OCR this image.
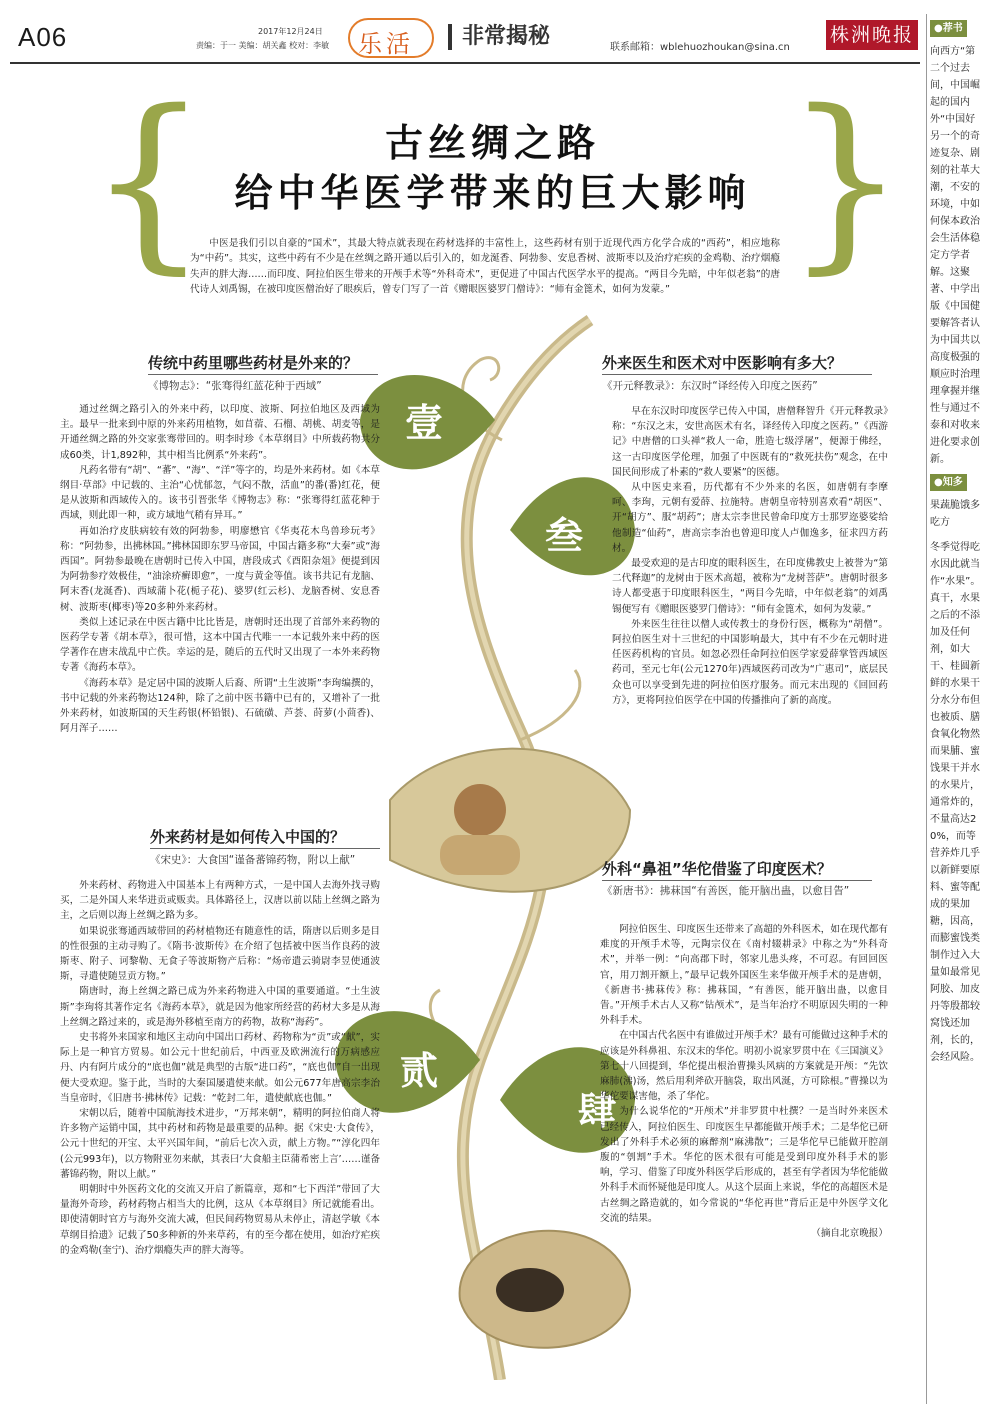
A06	2017年12月24日
责编：于一 美编：胡关鑫 校对：李敏 乐活	非常揭秘	联系邮箱：wblehuozhoukan@sina.cn
株洲晚报
{	}
古丝绸之路
给中华医学带来的巨大影响
中医是我们引以自豪的“国术”，其最大特点就表现在药材选择的丰富性上，这些药材有别于近现代西方化学合成的“西药”，相应地称为“中药”。其实，这些中药有不少是在丝绸之路开通以后引入的，如龙涎香、阿勃参、安息香树、波斯枣以及治疗疟疾的金鸡勒、治疗烟瘾失声的胖大海……而印度、阿拉伯医生带来的开颅手术等“外科奇术”，更促进了中国古代医学水平的提高。“两目今先暗，中年似老翁”的唐代诗人刘禹锡，在被印度医僧治好了眼疾后，曾专门写了一首《赠眼医婆罗门僧诗》：“师有金篦术，如何为发蒙。”
壹
叁
贰
肆
传统中药里哪些药材是外来的？
《博物志》：“张骞得红蓝花种于西域”

通过丝绸之路引入的外来中药，以印度、波斯、阿拉伯地区及西域为主。最早一批来到中原的外来药用植物，如苜蓿、石榴、胡桃、胡麦等，是开通丝绸之路的外交家张骞带回的。明李时珍《本草纲目》中所载药物共分成60类，计1,892种，其中相当比例系“外来药”。

凡药名带有“胡”、“蕃”、“海”、“洋”等字的，均是外来药材。如《本草纲目·草部》中记载的、主治“心忧郁忽，气闷不散，活血”的番(番)红花，便是从波斯和西域传入的。该书引晋张华《博物志》称：“张骞得红蓝花种于西域，则此即一种，或方域地气稍有异耳。”

再如治疗皮肤病较有效的阿勃参，明廖懋官《华夷花木鸟兽珍玩考》称：“阿勃参，出拂林国。”拂林国即东罗马帝国，中国古籍多称“大秦”或“海西国”。阿勃参最晚在唐朝时已传入中国，唐段成式《酉阳杂俎》便提到因为阿勃参疗效极佳，“油涂疥癣即愈”，一度与黄金等值。该书共记有龙脑、阿末香(龙涎香)、西域蒲卜花(栀子花)、婆罗(红云杉)、龙脑香树、安息香树、波斯枣(椰枣)等20多种外来药材。

类似上述记录在中医古籍中比比皆是，唐朝时还出现了首部外来药物的医药学专著《胡本草》，很可惜，这本中国古代唯一一本记载外来中药的医学著作在唐末战乱中亡佚。幸运的是，随后的五代时又出现了一本外来药物专著《海药本草》。

《海药本草》是定居中国的波斯人后裔、所谓“土生波斯”李珣编撰的，书中记载的外来药物达124种，除了之前中医书籍中已有的，又增补了一批外来药材，如波斯国的天生药银(杯铅银)、石硫磺、芦荟、莳萝(小茴香)、阿月浑子……

外来药材是如何传入中国的？
《宋史》：大食国“谨备蕃锦药物，附以上献”

外来药材、药物进入中国基本上有两种方式，一是中国人去海外找寻购买，二是外国人来华进贡或贩卖。具体路径上，汉唐以前以陆上丝绸之路为主，之后则以海上丝绸之路为多。

如果说张骞通西域带回的药材植物还有随意性的话，隋唐以后则多是目的性很强的主动寻购了。《隋书·波斯传》在介绍了包括被中医当作良药的波斯枣、附子、诃黎勒、无食子等波斯物产后称：“炀帝遣云骑尉李昱使通波斯，寻遣使随昱贡方物。”

隋唐时，海上丝绸之路已成为外来药物进入中国的重要通道。“土生波斯”李珣将其著作定名《海药本草》，就是因为他家所经营的药材大多是从海上丝绸之路过来的，或是海外移植至南方的药物，故称“海药”。

史书将外来国家和地区主动向中国出口药材、药物称为“贡”或“献”，实际上是一种官方贸易。如公元十世纪前后，中西亚及欧洲流行的万病感应丹、内有阿片成分的“底也伽”就是典型的古版“进口药”，“底也伽”自一出现便大受欢迎。鉴于此，当时的大秦国屡遣使来献。如公元677年唐高宗李治当皇帝时，《旧唐书·拂林传》记载：“乾封二年，遣使献底也伽。”

宋朝以后，随着中国航海技术进步，“万邦来朝”，精明的阿拉伯商人将许多物产运销中国，其中药材和药物是最重要的品种。据《宋史·大食传》，公元十世纪的开宝、太平兴国年间，“前后七次入贡，献上方物。”“淳化四年(公元993年)，以方物附亚勿来献，其表曰‘大食船主臣蒲希密上言’……谨备蕃锦药物，附以上献。”

明朝时中外医药文化的交流又开启了新篇章，郑和“七下西洋”带回了大量海外奇珍，药材药物占相当大的比例，这从《本草纲目》所记就能看出。即使清朝时官方与海外交流大减，但民间药物贸易从未停止，清赵学敏《本草纲目拾遗》记载了50多种新的外来草药，有的至今都在使用，如治疗疟疾的金鸡勒(奎宁)、治疗烟瘾失声的胖大海等。

外来医生和医术对中医影响有多大？
《开元释教录》：东汉时“译经传入印度之医药”

早在东汉时印度医学已传入中国，唐僧释智升《开元释教录》称：“东汉之末，安世高医术有名，译经传入印度之医药。”《西游记》中唐僧的口头禅“救人一命，胜造七级浮屠”，便源于佛经，这一古印度医学伦理，加强了中医既有的“救死扶伤”观念，在中国民间形成了朴素的“救人要紧”的医德。

从中医史来看，历代都有不少外来的名医，如唐朝有李摩呵、李珣，元朝有爱薛、拉施特。唐朝皇帝特别喜欢看“胡医”、开“胡方”、服“胡药”；唐太宗李世民曾命印度方士那罗迩婆娑给他制造“仙药”，唐高宗李治也曾迎印度人卢伽逸多，征求四方药材。

最受欢迎的是古印度的眼科医生，在印度佛教史上被誉为“第二代释迦”的龙树由于医术高超，被称为“龙树菩萨”。唐朝时很多诗人都受惠于印度眼科医生，“两目今先暗，中年似老翁”的刘禹锡便写有《赠眼医婆罗门僧诗》：“师有金篦术，如何为发蒙。”

外来医生往往以僧人或传教士的身份行医，概称为“胡僧”。阿拉伯医生对十三世纪的中国影响最大，其中有不少在元朝时进任医药机构的官员。如忽必烈任命阿拉伯医学家爱薛掌管西域医药司，至元七年(公元1270年)西域医药司改为“广惠司”，底层民众也可以享受到先进的阿拉伯医疗服务。而元末出现的《回回药方》，更将阿拉伯医学在中国的传播推向了新的高度。

外科“鼻祖”华佗借鉴了印度医术？
《新唐书》：拂菻国“有善医，能开脑出蛊，以愈目眚”

阿拉伯医生、印度医生还带来了高超的外科医术，如在现代都有难度的开颅手术等，元陶宗仪在《南村辍耕录》中称之为“外科奇术”，并举一例：“向高郡下时，邻家儿患头疼，不可忍。有回回医官，用刀割开额上，”最早记载外国医生来华做开颅手术的是唐朝，《新唐书·拂菻传》称：拂菻国，“有善医，能开脑出蛊，以愈目眚。”开颅手术古人又称“钻颅术”，是当年治疗不明原因失明的一种外科手术。

在中国古代名医中有谁做过开颅手术？最有可能做过这种手术的应该是外科鼻祖、东汉末的华佗。明初小说家罗贯中在《三国演义》第七十八回提到，华佗提出根治曹操头风病的方案就是开颅：“先饮麻肺(沸)汤，然后用利斧砍开脑袋，取出风涎，方可除根。”曹操以为华佗要谋害他，杀了华佗。

为什么说华佗的“开颅术”并非罗贯中杜撰？一是当时外来医术已经传入，阿拉伯医生、印度医生早都能做开颅手术；二是华佗已研发出了外科手术必须的麻醉剂“麻沸散”；三是华佗早已能做开腔剖腹的“刳割”手术。华佗的医术很有可能是受到印度外科手术的影响，学习、借鉴了印度外科医学后形成的，甚至有学者因为华佗能做外科手术而怀疑他是印度人。从这个层面上来说，华佗的高超医术是古丝绸之路造就的，如今常说的“华佗再世”背后正是中外医学文化交流的结果。

（摘自北京晚报）

●荐书
向西方“第二个过去间，中国崛起的国内外“中国好另一个的奇迹复杂、剧刻的社革大潮，不安的环境，中如何保本政治会生活体稳定方学者解。这聚著、中学出版《中国健要解答者认为中国共以高度极强的顺应时治理理拿握并继性与通过不泰和对收来进化要求创新。
●知多
果蔬脆饿多吃方
冬季觉得吃水因此就当作“水果”。真干，水果之后的不添加及任何剂，如大干、桂圆新鲜的水果干分水分布但也被质、膳食氧化物然而果脯、蜜饯果干并水的水果片，通常炸的，不量高达20%，而等营养炸几乎以新鲜要原料、蜜等配成的果加糖，因高，而膨蜜饯类制作过入大量如最常见阿胶、加皮丹等殷都较窝饯还加剂，长的，会经风险。
